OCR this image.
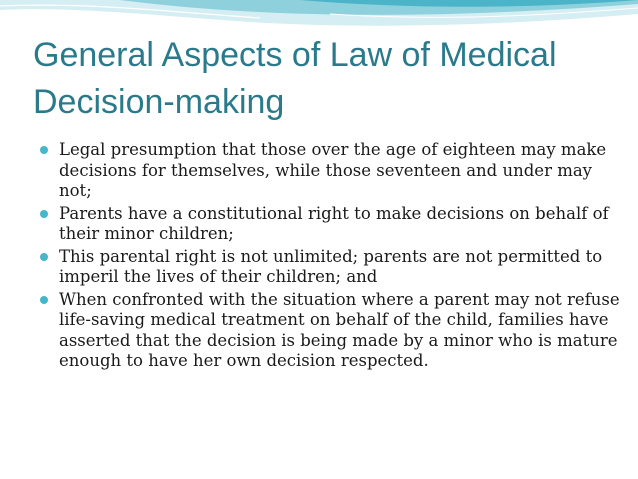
General Aspects of Law of Medical Decision-making
Legal presumption that those over the age of eighteen may make decisions for themselves, while those seventeen and under may not;
Parents have a constitutional right to make decisions on behalf of their minor children;
This parental right is not unlimited; parents are not permitted to imperil the lives of their children; and
When confronted with the situation where a parent may not refuse life-saving medical treatment on behalf of the child, families have asserted that the decision is being made by a minor who is mature enough to have her own decision respected.
